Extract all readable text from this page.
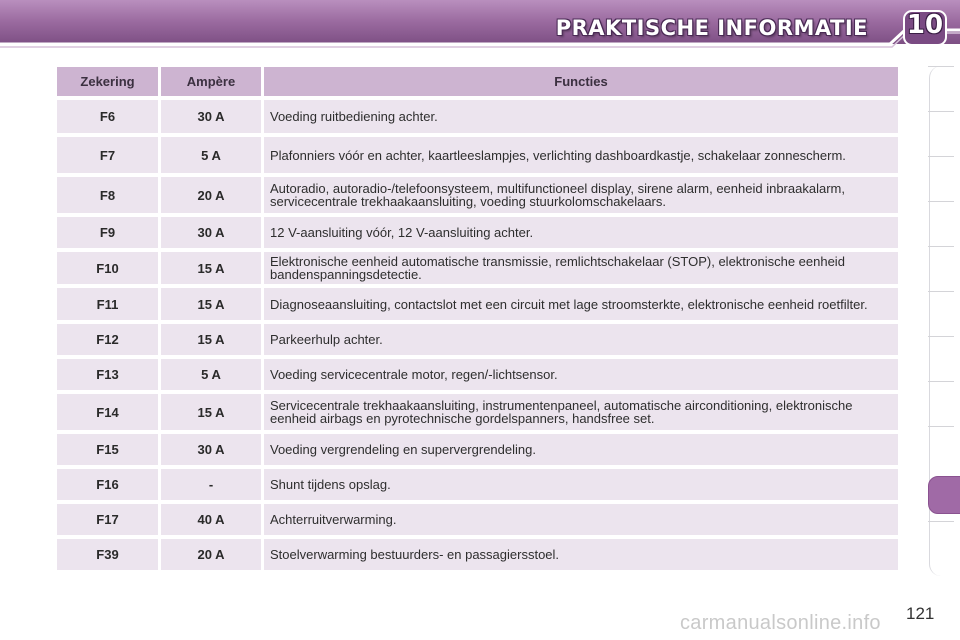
PRAKTISCHE INFORMATIE 10
Zekering	Ampère	Functies
F6	30 A	Voeding ruitbediening achter.
F7	5 A	Plafonniers vóór en achter, kaartleeslampjes, verlichting dashboardkastje, schakelaar zonnescherm.
F8	20 A	Autoradio, autoradio-/telefoonsysteem, multifunctioneel display, sirene alarm, eenheid inbraakalarm, servicecentrale trekhaakaansluiting, voeding stuurkolomschakelaars.
F9	30 A	12 V-aansluiting vóór, 12 V-aansluiting achter.
F10	15 A	Elektronische eenheid automatische transmissie, remlichtschakelaar (STOP), elektronische eenheid bandenspanningsdetectie.
F11	15 A	Diagnoseaansluiting, contactslot met een circuit met lage stroomsterkte, elektronische eenheid roetfilter.
F12	15 A	Parkeerhulp achter.
F13	5 A	Voeding servicecentrale motor, regen/-lichtsensor.
F14	15 A	Servicecentrale trekhaakaansluiting, instrumentenpaneel, automatische airconditioning, elektronische eenheid airbags en pyrotechnische gordelspanners, handsfree set.
F15	30 A	Voeding vergrendeling en supervergrendeling.
F16	-	Shunt tijdens opslag.
F17	40 A	Achterruitverwarming.
F39	20 A	Stoelverwarming bestuurders- en passagiersstoel.
carmanualsonline.info 121
